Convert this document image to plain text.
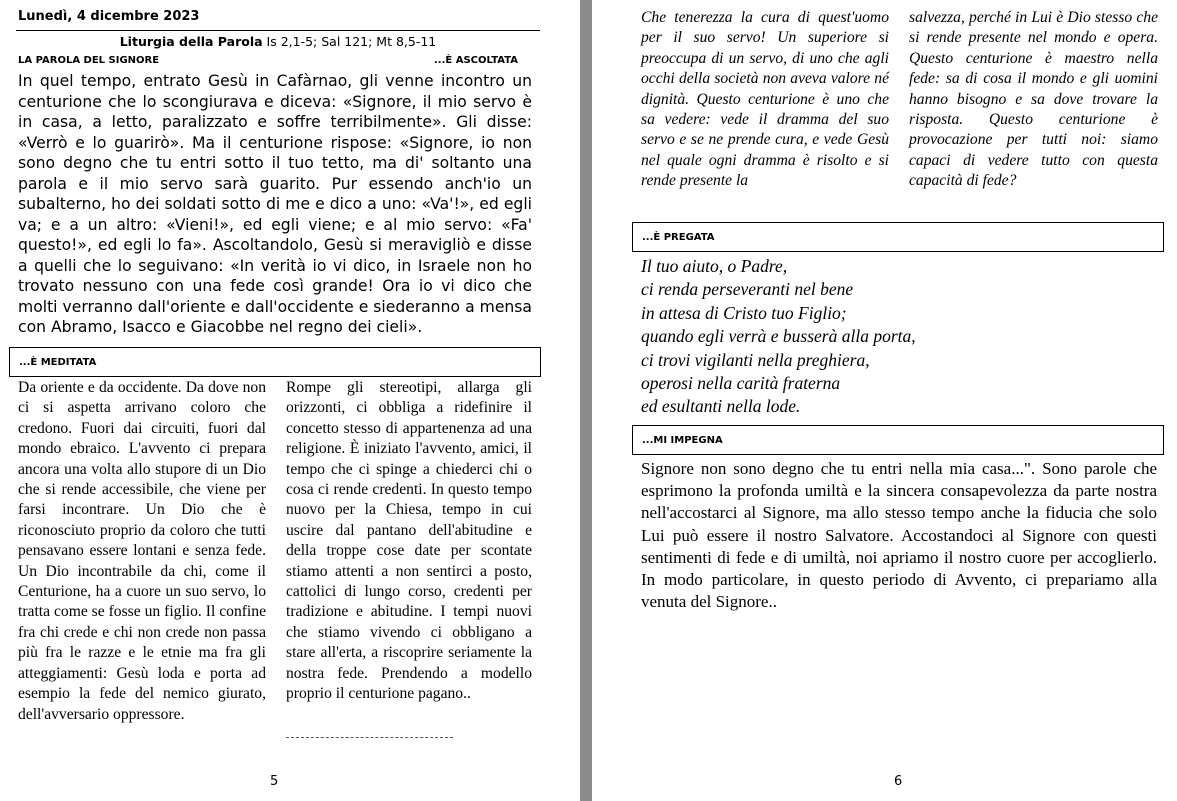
Lunedì, 4 dicembre 2023
Liturgia della Parola Is 2,1-5; Sal 121; Mt 8,5-11
LA PAROLA DEL SIGNORE	...È ASCOLTATA
In quel tempo, entrato Gesù in Cafàrnao, gli venne incontro un centurione che lo scongiurava e diceva: «Signore, il mio servo è in casa, a letto, paralizzato e soffre terribilmente». Gli disse: «Verrò e lo guarirò». Ma il centurione rispose: «Signore, io non sono degno che tu entri sotto il tuo tetto, ma di' soltanto una parola e il mio servo sarà guarito. Pur essendo anch'io un subalterno, ho dei soldati sotto di me e dico a uno: «Va'!», ed egli va; e a un altro: «Vieni!», ed egli viene; e al mio servo: «Fa' questo!», ed egli lo fa». Ascoltandolo, Gesù si meravigliò e disse a quelli che lo seguivano: «In verità io vi dico, in Israele non ho trovato nessuno con una fede così grande! Ora io vi dico che molti verranno dall'oriente e dall'occidente e siederanno a mensa con Abramo, Isacco e Giacobbe nel regno dei cieli».
...È MEDITATA
Da oriente e da occidente. Da dove non ci si aspetta arrivano coloro che credono. Fuori dai circuiti, fuori dal mondo ebraico. L'avvento ci prepara ancora una volta allo stupore di un Dio che si rende accessibile, che viene per farsi incontrare. Un Dio che è riconosciuto proprio da coloro che tutti pensavano essere lontani e senza fede. Un Dio incontrabile da chi, come il Centurione, ha a cuore un suo servo, lo tratta come se fosse un figlio. Il confine fra chi crede e chi non crede non passa più fra le razze e le etnie ma fra gli atteggiamenti: Gesù loda e porta ad esempio la fede del nemico giurato, dell'avversario oppressore.
Rompe gli stereotipi, allarga gli orizzonti, ci obbliga a ridefinire il concetto stesso di appartenenza ad una religione. È iniziato l'avvento, amici, il tempo che ci spinge a chiederci chi o cosa ci rende credenti. In questo tempo nuovo per la Chiesa, tempo in cui uscire dal pantano dell'abitudine e della troppe cose date per scontate stiamo attenti a non sentirci a posto, cattolici di lungo corso, credenti per tradizione e abitudine. I tempi nuovi che stiamo vivendo ci obbligano a stare all'erta, a riscoprire seriamente la nostra fede. Prendendo a modello proprio il centurione pagano..
5
Che tenerezza la cura di quest'uomo per il suo servo! Un superiore si preoccupa di un servo, di uno che agli occhi della società non aveva valore né dignità. Questo centurione è uno che sa vedere: vede il dramma del suo servo e se ne prende cura, e vede Gesù nel quale ogni dramma è risolto e si rende presente la
salvezza, perché in Lui è Dio stesso che si rende presente nel mondo e opera. Questo centurione è maestro nella fede: sa di cosa il mondo e gli uomini hanno bisogno e sa dove trovare la risposta. Questo centurione è provocazione per tutti noi: siamo capaci di vedere tutto con questa capacità di fede?
...È PREGATA
Il tuo aiuto, o Padre,
ci renda perseveranti nel bene
in attesa di Cristo tuo Figlio;
quando egli verrà e busserà alla porta,
ci trovi vigilanti nella preghiera,
operosi nella carità fraterna
ed esultanti nella lode.
...MI IMPEGNA
Signore non sono degno che tu entri nella mia casa...". Sono parole che esprimono la profonda umiltà e la sincera consapevolezza da parte nostra nell'accostarci al Signore, ma allo stesso tempo anche la fiducia che solo Lui può essere il nostro Salvatore. Accostandoci al Signore con questi sentimenti di fede e di umiltà, noi apriamo il nostro cuore per accoglierlo. In modo particolare, in questo periodo di Avvento, ci prepariamo alla venuta del Signore..
6
